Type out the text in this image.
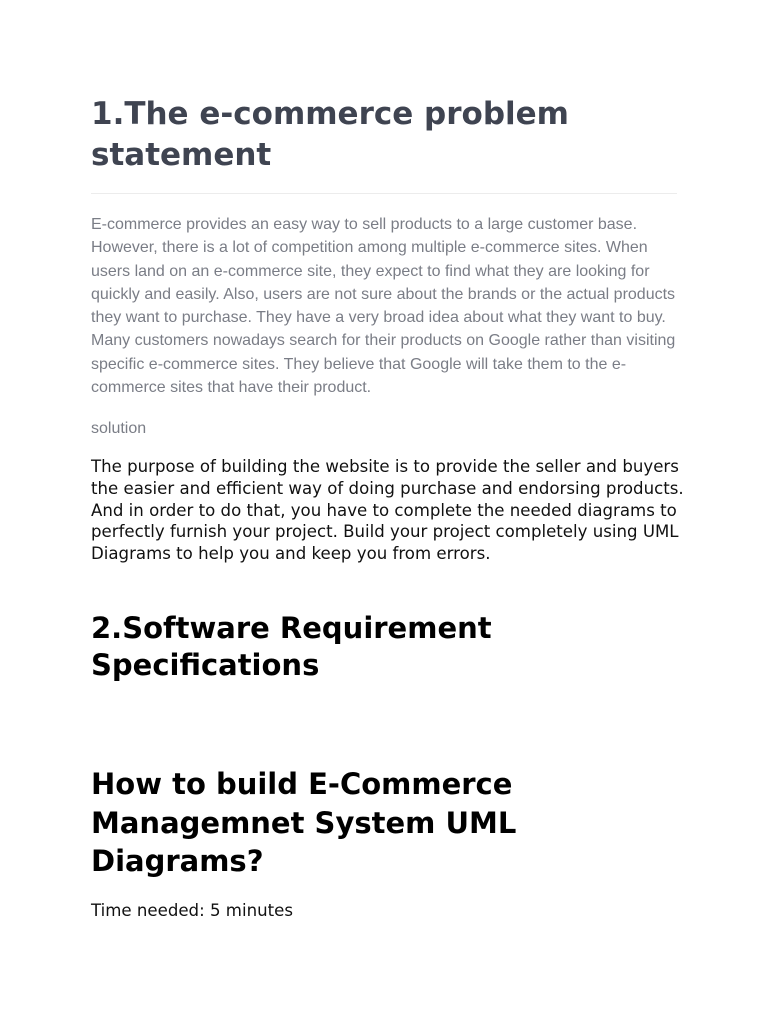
1.The e-commerce problem statement

E-commerce provides an easy way to sell products to a large customer base. However, there is a lot of competition among multiple e-commerce sites. When users land on an e-commerce site, they expect to find what they are looking for quickly and easily. Also, users are not sure about the brands or the actual products they want to purchase. They have a very broad idea about what they want to buy. Many customers nowadays search for their products on Google rather than visiting specific e-commerce sites. They believe that Google will take them to the e-commerce sites that have their product.

solution

The purpose of building the website is to provide the seller and buyers the easier and efficient way of doing purchase and endorsing products. And in order to do that, you have to complete the needed diagrams to perfectly furnish your project. Build your project completely using UML Diagrams to help you and keep you from errors.

2.Software Requirement Specifications
How to build E-Commerce Managemnet System UML Diagrams?

Time needed: 5 minutes
